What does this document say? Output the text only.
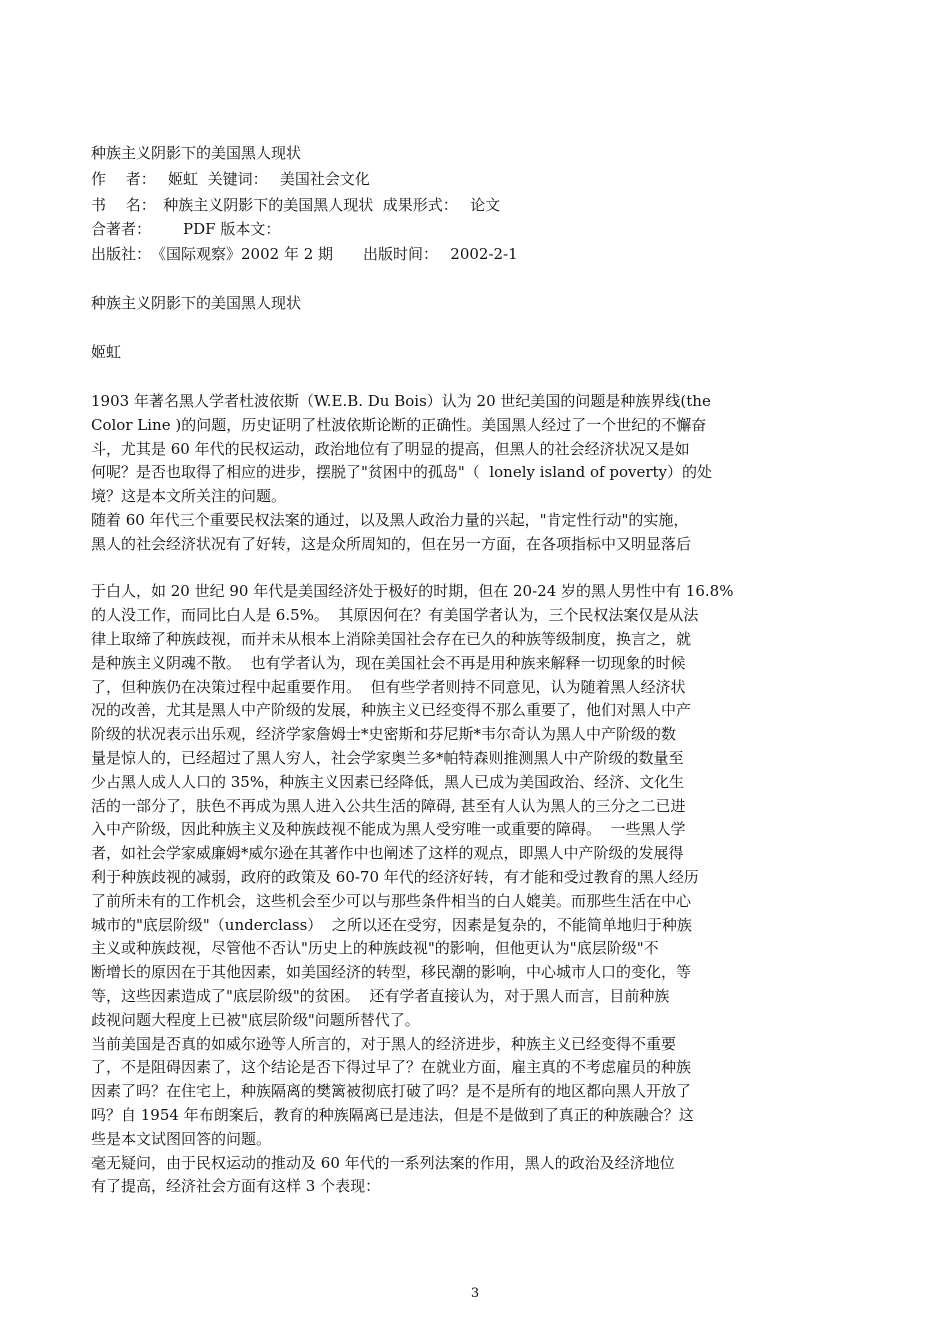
种族主义阴影下的美国黑人现状

作　 者：　 姬虹  关键词：　 美国社会文化

书　 名：　种族主义阴影下的美国黑人现状  成果形式：　 论文

合著者：　　  PDF 版本文：

出版社：　《国际观察》2002 年 2 期　　出版时间：　 2002-2-1

种族主义阴影下的美国黑人现状

姬虹

1903 年著名黑人学者杜波依斯（W.E.B. Du Bois）认为 20 世纪美国的问题是种族界线(the

Color Line )的问题，历史证明了杜波依斯论断的正确性。美国黑人经过了一个世纪的不懈奋

斗，尤其是 60 年代的民权运动，政治地位有了明显的提高，但黑人的社会经济状况又是如

何呢？是否也取得了相应的进步，摆脱了"贫困中的孤岛"（  lonely island of poverty）的处

境？这是本文所关注的问题。

随着 60 年代三个重要民权法案的通过，以及黑人政治力量的兴起，"肯定性行动"的实施，

黑人的社会经济状况有了好转，这是众所周知的，但在另一方面，在各项指标中又明显落后

于白人，如 20 世纪 90 年代是美国经济处于极好的时期，但在 20-24 岁的黑人男性中有 16.8%

的人没工作，而同比白人是 6.5%。  其原因何在？有美国学者认为，三个民权法案仅是从法

律上取缔了种族歧视，而并未从根本上消除美国社会存在已久的种族等级制度，换言之，就

是种族主义阴魂不散。  也有学者认为，现在美国社会不再是用种族来解释一切现象的时候

了，但种族仍在决策过程中起重要作用。  但有些学者则持不同意见，认为随着黑人经济状

况的改善，尤其是黑人中产阶级的发展，种族主义已经变得不那么重要了，他们对黑人中产

阶级的状况表示出乐观，经济学家詹姆士*史密斯和芬尼斯*韦尔奇认为黑人中产阶级的数

量是惊人的，已经超过了黑人穷人，社会学家奥兰多*帕特森则推测黑人中产阶级的数量至

少占黑人成人人口的 35%，种族主义因素已经降低，黑人已成为美国政治、经济、文化生

活的一部分了，肤色不再成为黑人进入公共生活的障碍, 甚至有人认为黑人的三分之二已进

入中产阶级，因此种族主义及种族歧视不能成为黑人受穷唯一或重要的障碍。  一些黑人学

者，如社会学家威廉姆*威尔逊在其著作中也阐述了这样的观点，即黑人中产阶级的发展得

利于种族歧视的减弱，政府的政策及 60-70 年代的经济好转，有才能和受过教育的黑人经历

了前所未有的工作机会，这些机会至少可以与那些条件相当的白人媲美。而那些生活在中心

城市的"底层阶级"（underclass）  之所以还在受穷，因素是复杂的，不能简单地归于种族

主义或种族歧视，尽管他不否认"历史上的种族歧视"的影响，但他更认为"底层阶级"不

断增长的原因在于其他因素，如美国经济的转型，移民潮的影响，中心城市人口的变化，等

等，这些因素造成了"底层阶级"的贫困。  还有学者直接认为，对于黑人而言，目前种族

歧视问题大程度上已被"底层阶级"问题所替代了。

当前美国是否真的如威尔逊等人所言的，对于黑人的经济进步，种族主义已经变得不重要

了，不是阻碍因素了，这个结论是否下得过早了？在就业方面，雇主真的不考虑雇员的种族

因素了吗？在住宅上，种族隔离的樊篱被彻底打破了吗？是不是所有的地区都向黑人开放了

吗？自 1954 年布朗案后，教育的种族隔离已是违法，但是不是做到了真正的种族融合？这

些是本文试图回答的问题。

毫无疑问，由于民权运动的推动及 60 年代的一系列法案的作用，黑人的政治及经济地位

有了提高，经济社会方面有这样 3 个表现：

3
